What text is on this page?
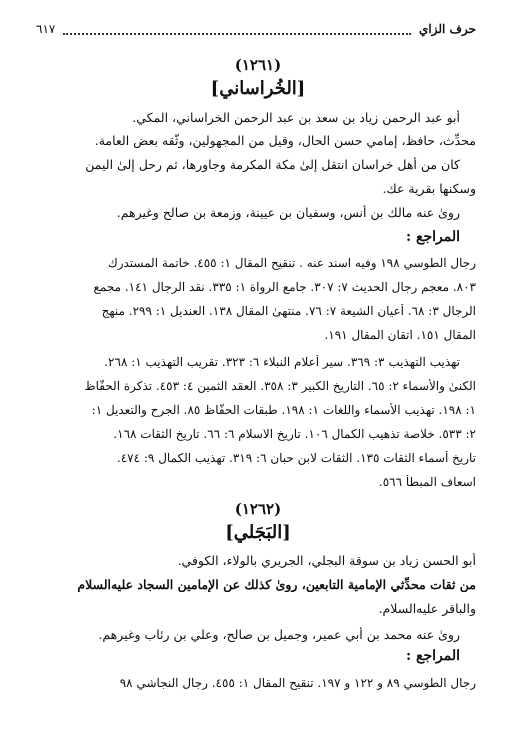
حرف الزاي
٦١٧
(١٢٦١)
[الخُراساني]
أبو عبد الرحمن زياد بن سعد بن عبد الرحمن الخراساني، المكي.
محدِّث، حافظ، إمامي حسن الحال، وقيل من المجهولين، وثّقه بعض العامة.
كان من أهل خراسان انتقل إلىٰ مكة المكرمة وجاورها، ثم رحل إلىٰ اليمن
وسكنها بقرية عك.
رویٰ عنه مالك بن أنس، وسفيان بن عيينة، وزمعة بن صالح وغيرهم.
المراجع :
رجال الطوسي ١٩٨ وفيه اسند عنه . تنقيح المقال ١: ٤٥٥. خاتمة المستدرك
٨٠٣. معجم رجال الحديث ٧: ٣٠٧. جامع الرواة ١: ٣٣٥. نقد الرجال ١٤١. مجمع
الرجال ٣: ٦٨. أعيان الشيعة ٧: ٧٦. منتهىٰ المقال ١٣٨. العنديل ١: ٢٩٩. منهج
المقال ١٥١. اتقان المقال ١٩١.
تهذيب التهذيب ٣: ٣٦٩. سير أعلام النبلاء ٦: ٣٢٣. تقريب التهذيب ١: ٢٦٨.
الكنىٰ والأسماء ٢: ٦٥. التاريخ الكبير ٣: ٣٥٨. العقد الثمين ٤: ٤٥٣. تذكرة الحفّاظ
١: ١٩٨. تهذيب الأسماء واللغات ١: ١٩٨. طبقات الحفّاظ ٨٥. الجرح والتعديل ١:
٢: ٥٣٣. خلاصة تذهيب الكمال ١٠٦. تاريخ الاسلام ٦: ٦٦. تاريخ الثقات ١٦٨.
تاريخ أسماء الثقات ١٣٥. الثقات لابن حبان ٦: ٣١٩. تهذيب الكمال ٩: ٤٧٤.
اسعاف المبطأ ٥٦٦.
(١٢٦٢)
[البَجَلي]
أبو الحسن زياد بن سوقة البجلي، الجريري بالولاء، الكوفي.
من ثقات محدِّثي الإمامية التابعين، رویٰ كذلك عن الإمامين السجاد عليه‌السلام
والباقر عليه‌السلام.
رویٰ عنه محمد بن أبي عمير، وجميل بن صالح، وعلي بن رئاب وغيرهم.
المراجع :
رجال الطوسي ٨٩ و ١٢٢ و ١٩٧. تنقيح المقال ١: ٤٥٥. رجال النجاشي ٩٨
